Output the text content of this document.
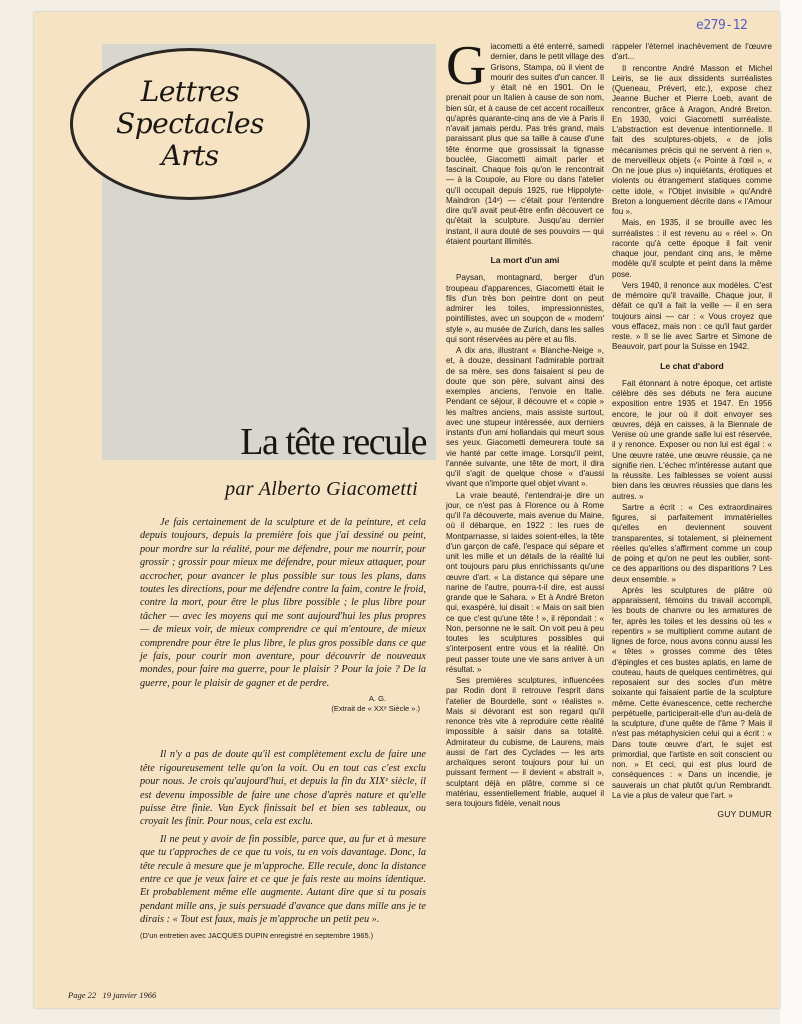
e279-12
Lettres
Spectacles
Arts
La tête recule
par Alberto Giacometti

Je fais certainement de la sculpture et de la peinture, et cela depuis toujours, depuis la première fois que j'ai dessiné ou peint, pour mordre sur la réalité, pour me défendre, pour me nourrir, pour grossir ; grossir pour mieux me défendre, pour mieux attaquer, pour accrocher, pour avancer le plus possible sur tous les plans, dans toutes les directions, pour me défendre contre la faim, contre le froid, contre la mort, pour être le plus libre possible ; le plus libre pour tâcher — avec les moyens qui me sont aujourd'hui les plus propres — de mieux voir, de mieux comprendre ce qui m'entoure, de mieux comprendre pour être le plus libre, le plus gros possible dans ce que je fais, pour courir mon aventure, pour découvrir de nouveaux mondes, pour faire ma guerre, pour le plaisir ? Pour la joie ? De la guerre, pour le plaisir de gagner et de perdre.

A. G.
(Extrait de « XXᵉ Siècle ».)

Il n'y a pas de doute qu'il est complètement exclu de faire une tête rigoureusement telle qu'on la voit. Ou en tout cas c'est exclu pour nous. Je crois qu'aujourd'hui, et depuis la fin du XIXᵉ siècle, il est devenu impossible de faire une chose d'après nature et qu'elle puisse être finie. Van Eyck finissait bel et bien ses tableaux, ou croyait les finir. Pour nous, cela est exclu.

Il ne peut y avoir de fin possible, parce que, au fur et à mesure que tu t'approches de ce que tu vois, tu en vois davantage. Donc, la tête recule à mesure que je m'approche. Elle recule, donc la distance entre ce que je veux faire et ce que je fais reste au moins identique. Et probablement même elle augmente. Autant dire que si tu posais pendant mille ans, je suis persuadé d'avance que dans mille ans je te dirais : « Tout est faux, mais je m'approche un petit peu ».

(D'un entretien avec JACQUES DUPIN enregistré en septembre 1965.)

Giacometti a été enterré, samedi dernier, dans le petit village des Grisons, Stampa, où il vient de mourir des suites d'un cancer. Il y était né en 1901. On le prenait pour un Italien à cause de son nom, bien sûr, et à cause de cet accent rocailleux qu'après quarante-cinq ans de vie à Paris il n'avait jamais perdu. Pas très grand, mais paraissant plus que sa taille à cause d'une tête énorme que grossissait la tignasse bouclée, Giacometti aimait parler et fascinait. Chaque fois qu'on le rencontrait — à la Coupole, au Flore ou dans l'atelier qu'il occupait depuis 1925, rue Hippolyte-Maindron (14ᵉ) — c'était pour l'entendre dire qu'il avait peut-être enfin découvert ce qu'était la sculpture. Jusqu'au dernier instant, il aura douté de ses pouvoirs — qui étaient pourtant illimités.

La mort d'un ami

Paysan, montagnard, berger d'un troupeau d'apparences, Giacometti était le fils d'un très bon peintre dont on peut admirer les toiles, impressionnistes, pointillistes, avec un soupçon de « modern' style », au musée de Zurich, dans les salles qui sont réservées au père et au fils.

A dix ans, illustrant « Blanche-Neige », et, à douze, dessinant l'admirable portrait de sa mère, ses dons faisaient si peu de doute que son père, suivant ainsi des exemples anciens, l'envoie en Italie. Pendant ce séjour, il découvre et « copie » les maîtres anciens, mais assiste surtout, avec une stupeur intéressée, aux derniers instants d'un ami hollandais qui meurt sous ses yeux. Giacometti demeurera toute sa vie hanté par cette image. Lorsqu'il peint, l'année suivante, une tête de mort, il dira qu'il s'agit de quelque chose « d'aussi vivant que n'importe quel objet vivant ».

La vraie beauté, l'entendrai-je dire un jour, ce n'est pas à Florence ou à Rome qu'il l'a découverte, mais avenue du Maine, où il débarque, en 1922 : les rues de Montparnasse, si laides soient-elles, la tête d'un garçon de café, l'espace qui sépare et unit les mille et un détails de la réalité lui ont toujours paru plus enrichissants qu'une œuvre d'art. « La distance qui sépare une narine de l'autre, pourra-t-il dire, est aussi grande que le Sahara. » Et à André Breton qui, exaspéré, lui disait : « Mais on sait bien ce que c'est qu'une tête ! », il répondait : « Non, personne ne le sait. On voit peu à peu toutes les sculptures possibles qui s'interposent entre vous et la réalité. On peut passer toute une vie sans arriver à un résultat. »

Ses premières sculptures, influencées par Rodin dont il retrouve l'esprit dans l'atelier de Bourdelle, sont « réalistes ». Mais si dévorant est son regard qu'il renonce très vite à reproduire cette réalité impossible à saisir dans sa totalité. Admirateur du cubisme, de Laurens, mais aussi de l'art des Cyclades — les arts archaïques seront toujours pour lui un puissant ferment — il devient « abstrait », sculptant déjà en plâtre, comme si ce matériau, essentiellement friable, auquel il sera toujours fidèle, venait nous

rappeler l'éternel inachèvement de l'œuvre d'art...

Il rencontre André Masson et Michel Leiris, se lie aux dissidents surréalistes (Queneau, Prévert, etc.), expose chez Jeanne Bucher et Pierre Loeb, avant de rencontrer, grâce à Aragon, André Breton. En 1930, voici Giacometti surréaliste. L'abstraction est devenue intentionnelle. Il fait des sculptures-objets, « de jolis mécanismes précis qui ne servent à rien », de merveilleux objets (« Pointe à l'œil », « On ne joue plus ») inquiétants, érotiques et violents ou étrangement statiques comme cette idole, « l'Objet invisible » qu'André Breton a longuement décrite dans « l'Amour fou ».

Mais, en 1935, il se brouille avec les surréalistes : il est revenu au « réel ». On raconte qu'à cette époque il fait venir chaque jour, pendant cinq ans, le même modèle qu'il sculpte et peint dans la même pose.

Vers 1940, il renonce aux modèles. C'est de mémoire qu'il travaille. Chaque jour, il défait ce qu'il a fait la veille — il en sera toujours ainsi — car : « Vous croyez que vous effacez, mais non : ce qu'il faut garder reste. » Il se lie avec Sartre et Simone de Beauvoir, part pour la Suisse en 1942.

Le chat d'abord

Fait étonnant à notre époque, cet artiste célèbre dès ses débuts ne fera aucune exposition entre 1935 et 1947. En 1956 encore, le jour où il doit envoyer ses œuvres, déjà en caisses, à la Biennale de Venise où une grande salle lui est réservée, il y renonce. Exposer ou non lui est égal : « Une œuvre ratée, une œuvre réussie, ça ne signifie rien. L'échec m'intéresse autant que la réussite. Les faiblesses se voient aussi bien dans les œuvres réussies que dans les autres. »

Sartre a écrit : « Ces extraordinaires figures, si parfaitement immatérielles qu'elles en deviennent souvent transparentes, si totalement, si pleinement réelles qu'elles s'affirment comme un coup de poing et qu'on ne peut les oublier, sont-ce des apparitions ou des disparitions ? Les deux ensemble. »

Après les sculptures de plâtre où apparaissent, témoins du travail accompli, les bouts de chanvre ou les armatures de fer, après les toiles et les dessins où les « repentirs » se multiplient comme autant de lignes de force, nous avons connu aussi les « têtes » grosses comme des têtes d'épingles et ces bustes aplatis, en lame de couteau, hauts de quelques centimètres, qui reposaient sur des socles d'un mètre soixante qui faisaient partie de la sculpture même. Cette évanescence, cette recherche perpétuelle, participerait-elle d'un au-delà de la sculpture, d'une quête de l'âme ? Mais il n'est pas métaphysicien celui qui a écrit : « Dans toute œuvre d'art, le sujet est primordial, que l'artiste en soit conscient ou non. » Et ceci, qui est plus lourd de conséquences : « Dans un incendie, je sauverais un chat plutôt qu'un Rembrandt. La vie a plus de valeur que l'art. »

GUY DUMUR
Page 22 19 janvier 1966
